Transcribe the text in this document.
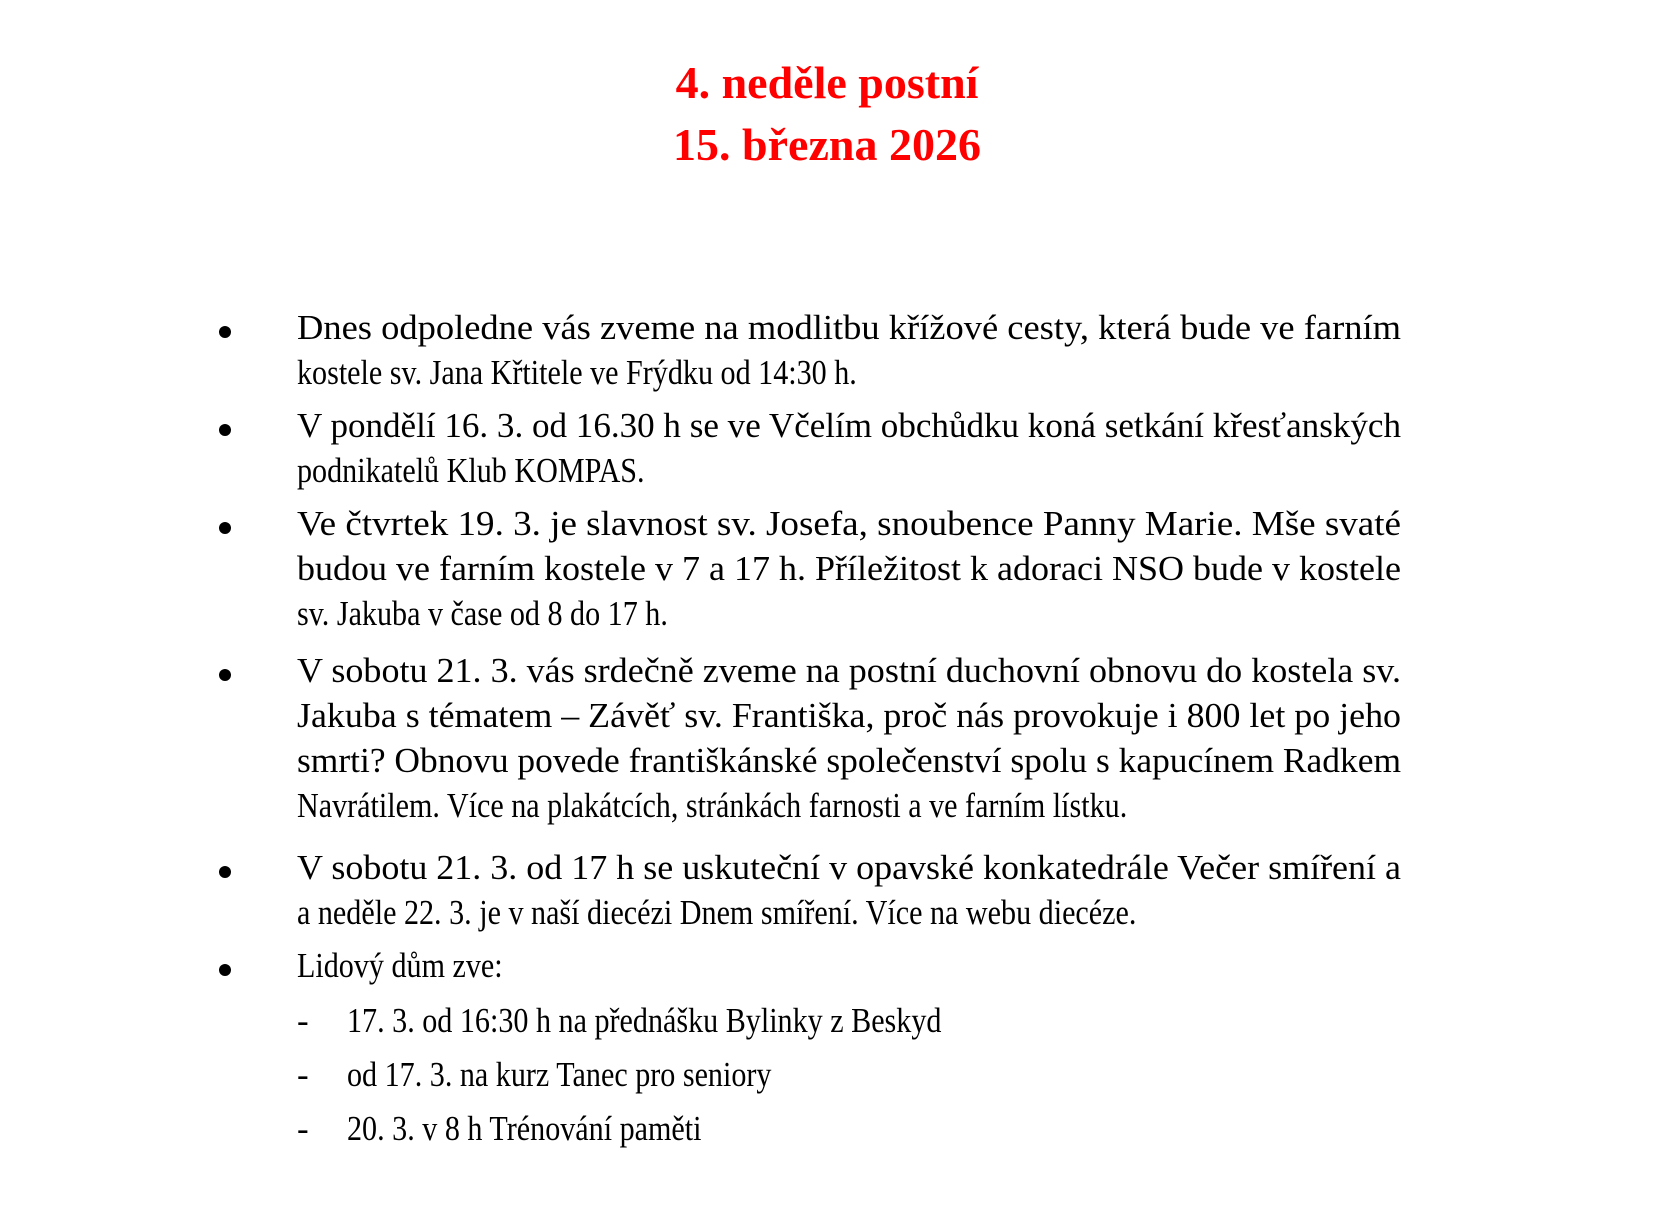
4. neděle postní
15. března 2026
Dnes odpoledne vás zveme na modlitbu křížové cesty, která bude ve farním
kostele sv. Jana Křtitele ve Frýdku od 14:30 h.
V pondělí 16. 3. od 16.30 h se ve Včelím obchůdku koná setkání křesťanských
podnikatelů Klub KOMPAS.
Ve čtvrtek 19. 3. je slavnost sv. Josefa, snoubence Panny Marie. Mše svaté
budou ve farním kostele v 7 a 17 h. Příležitost k adoraci NSO bude v kostele
sv. Jakuba v čase od 8 do 17 h.
V sobotu 21. 3. vás srdečně zveme na postní duchovní obnovu do kostela sv.
Jakuba s tématem – Závěť sv. Františka, proč nás provokuje i 800 let po jeho
smrti? Obnovu povede františkánské společenství spolu s kapucínem Radkem
Navrátilem. Více na plakátcích, stránkách farnosti a ve farním lístku.
V sobotu 21. 3. od 17 h se uskuteční v opavské konkatedrále Večer smíření a
a neděle 22. 3. je v naší diecézi Dnem smíření. Více na webu diecéze.
Lidový dům zve:
- 17. 3. od 16:30 h na přednášku Bylinky z Beskyd
- od 17. 3. na kurz Tanec pro seniory
- 20. 3. v 8 h Trénování paměti
